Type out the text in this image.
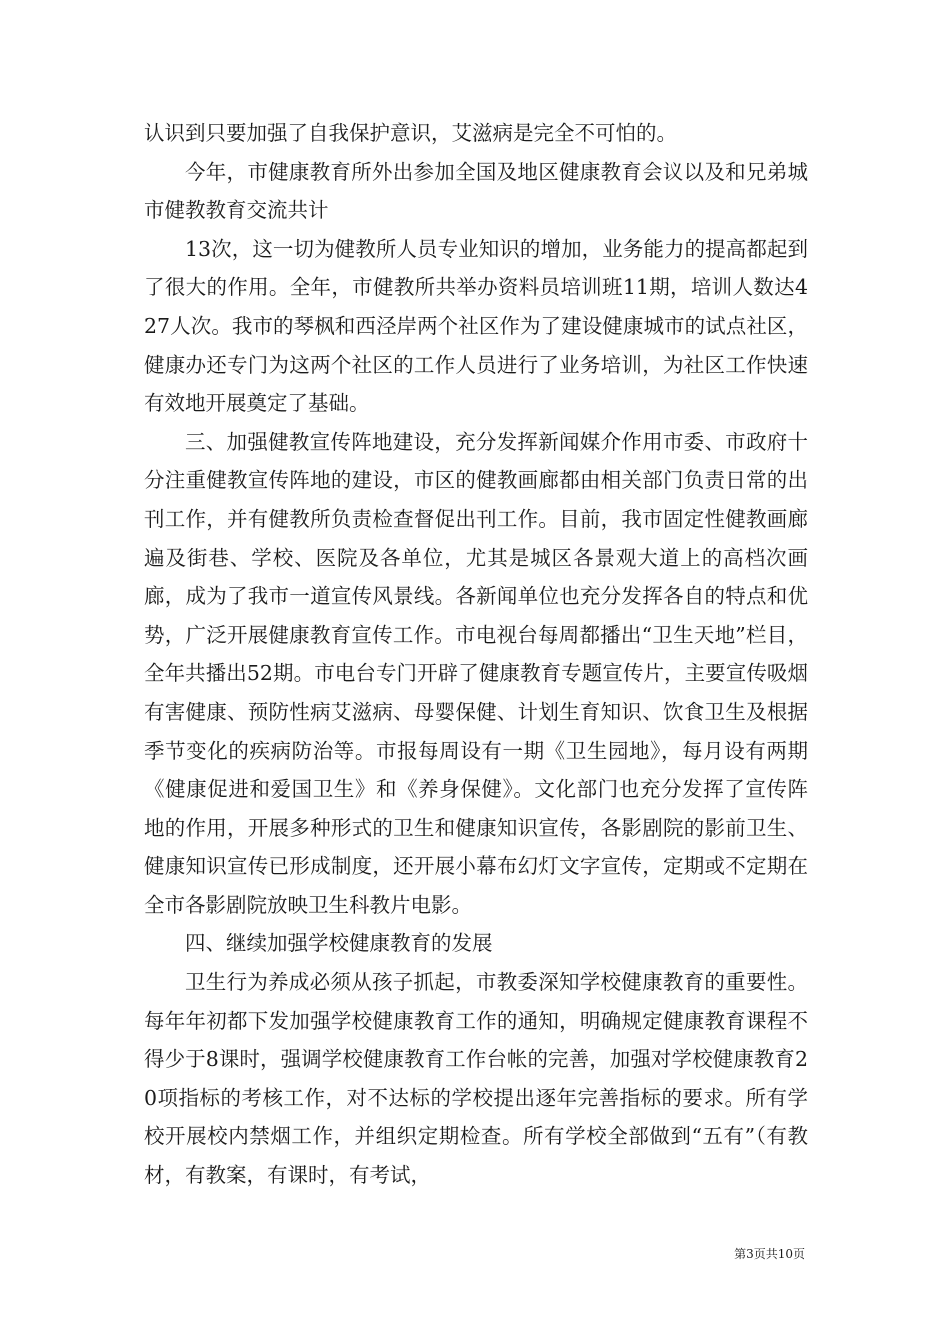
认识到只要加强了自我保护意识，艾滋病是完全不可怕的。

今年，市健康教育所外出参加全国及地区健康教育会议以及和兄弟城市健教教育交流共计

13次，这一切为健教所人员专业知识的增加，业务能力的提高都起到了很大的作用。全年，市健教所共举办资料员培训班11期，培训人数达427人次。我市的琴枫和西泾岸两个社区作为了建设健康城市的试点社区，健康办还专门为这两个社区的工作人员进行了业务培训，为社区工作快速有效地开展奠定了基础。

三、加强健教宣传阵地建设，充分发挥新闻媒介作用市委、市政府十分注重健教宣传阵地的建设，市区的健教画廊都由相关部门负责日常的出刊工作，并有健教所负责检查督促出刊工作。目前，我市固定性健教画廊遍及街巷、学校、医院及各单位，尤其是城区各景观大道上的高档次画廊，成为了我市一道宣传风景线。各新闻单位也充分发挥各自的特点和优势，广泛开展健康教育宣传工作。市电视台每周都播出“卫生天地”栏目，全年共播出52期。市电台专门开辟了健康教育专题宣传片，主要宣传吸烟有害健康、预防性病艾滋病、母婴保健、计划生育知识、饮食卫生及根据季节变化的疾病防治等。市报每周设有一期《卫生园地》，每月设有两期《健康促进和爱国卫生》和《养身保健》。文化部门也充分发挥了宣传阵地的作用，开展多种形式的卫生和健康知识宣传，各影剧院的影前卫生、健康知识宣传已形成制度，还开展小幕布幻灯文字宣传，定期或不定期在全市各影剧院放映卫生科教片电影。

四、继续加强学校健康教育的发展

卫生行为养成必须从孩子抓起，市教委深知学校健康教育的重要性。每年年初都下发加强学校健康教育工作的通知，明确规定健康教育课程不得少于8课时，强调学校健康教育工作台帐的完善，加强对学校健康教育20项指标的考核工作，对不达标的学校提出逐年完善指标的要求。所有学校开展校内禁烟工作，并组织定期检查。所有学校全部做到“五有”（有教材，有教案，有课时，有考试，

第3页共10页
